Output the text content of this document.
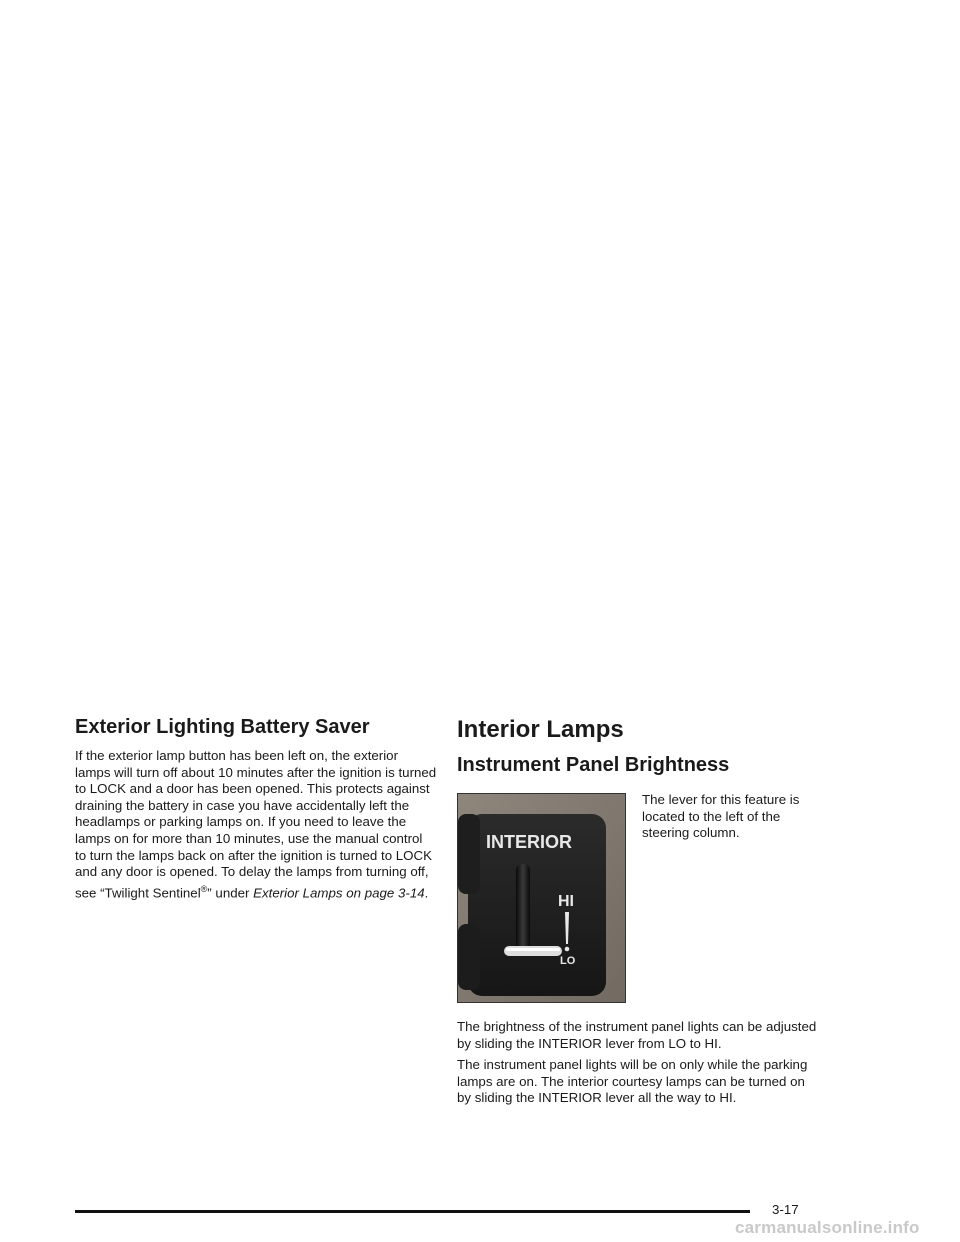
Exterior Lighting Battery Saver

If the exterior lamp button has been left on, the exterior lamps will turn off about 10 minutes after the ignition is turned to LOCK and a door has been opened. This protects against draining the battery in case you have accidentally left the headlamps or parking lamps on. If you need to leave the lamps on for more than 10 minutes, use the manual control to turn the lamps back on after the ignition is turned to LOCK and any door is opened. To delay the lamps from turning off, see “Twilight Sentinel®” under Exterior Lamps on page 3-14.

Interior Lamps
Instrument Panel Brightness
INTERIOR
HI
LO

The lever for this feature is located to the left of the steering column.

The brightness of the instrument panel lights can be adjusted by sliding the INTERIOR lever from LO to HI.

The instrument panel lights will be on only while the parking lamps are on. The interior courtesy lamps can be turned on by sliding the INTERIOR lever all the way to HI.

3-17
carmanualsonline.info
